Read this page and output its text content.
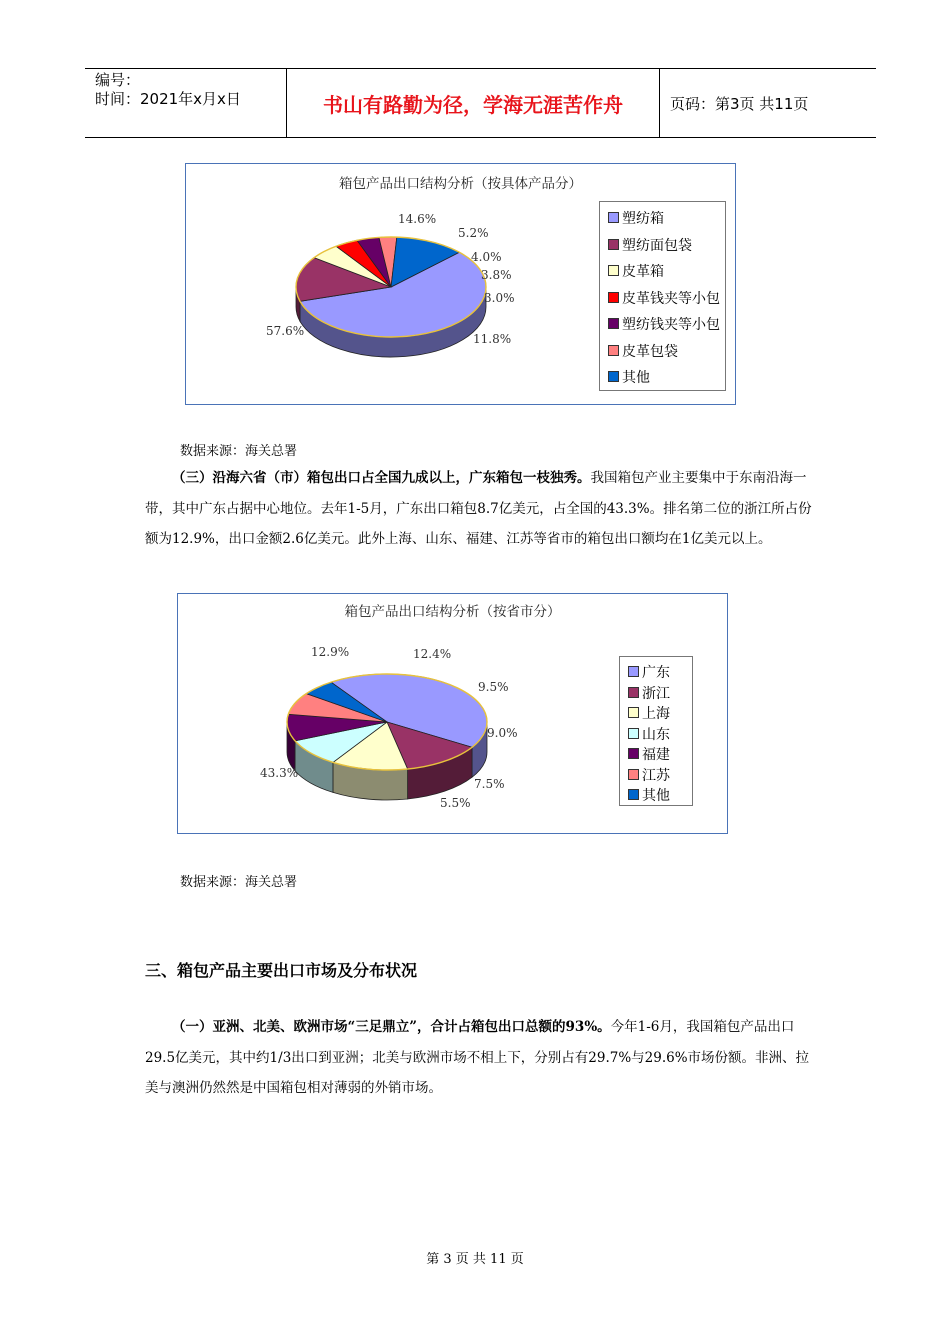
编号：
时间：2021年x月x日	书山有路勤为径，学海无涯苦作舟	页码：第3页 共11页
箱包产品出口结构分析（按具体产品分）
塑纺箱
塑纺面包袋
皮革箱
皮革钱夹等小包
塑纺钱夹等小包
皮革包袋
其他
57.6%
14.6%
5.2%
4.0%
3.8%
3.0%
11.8%
数据来源：海关总署
（三）沿海六省（市）箱包出口占全国九成以上，广东箱包一枝独秀。我国箱包产业主要集中于东南沿海一带，其中广东占据中心地位。去年1-5月，广东出口箱包8.7亿美元，占全国的43.3%。排名第二位的浙江所占份额为12.9%，出口金额2.6亿美元。此外上海、山东、福建、江苏等省市的箱包出口额均在1亿美元以上。
箱包产品出口结构分析（按省市分）
广东
浙江
上海
山东
福建
江苏
其他
43.3%
12.9%	12.4%
9.5%
9.0%
7.5%
5.5%
数据来源：海关总署
三、箱包产品主要出口市场及分布状况
（一）亚洲、北美、欧洲市场“三足鼎立”，合计占箱包出口总额的93%。今年1-6月，我国箱包产品出口29.5亿美元，其中约1/3出口到亚洲；北美与欧洲市场不相上下，分别占有29.7%与29.6%市场份额。非洲、拉美与澳洲仍然然是中国箱包相对薄弱的外销市场。
第 3 页 共 11 页
